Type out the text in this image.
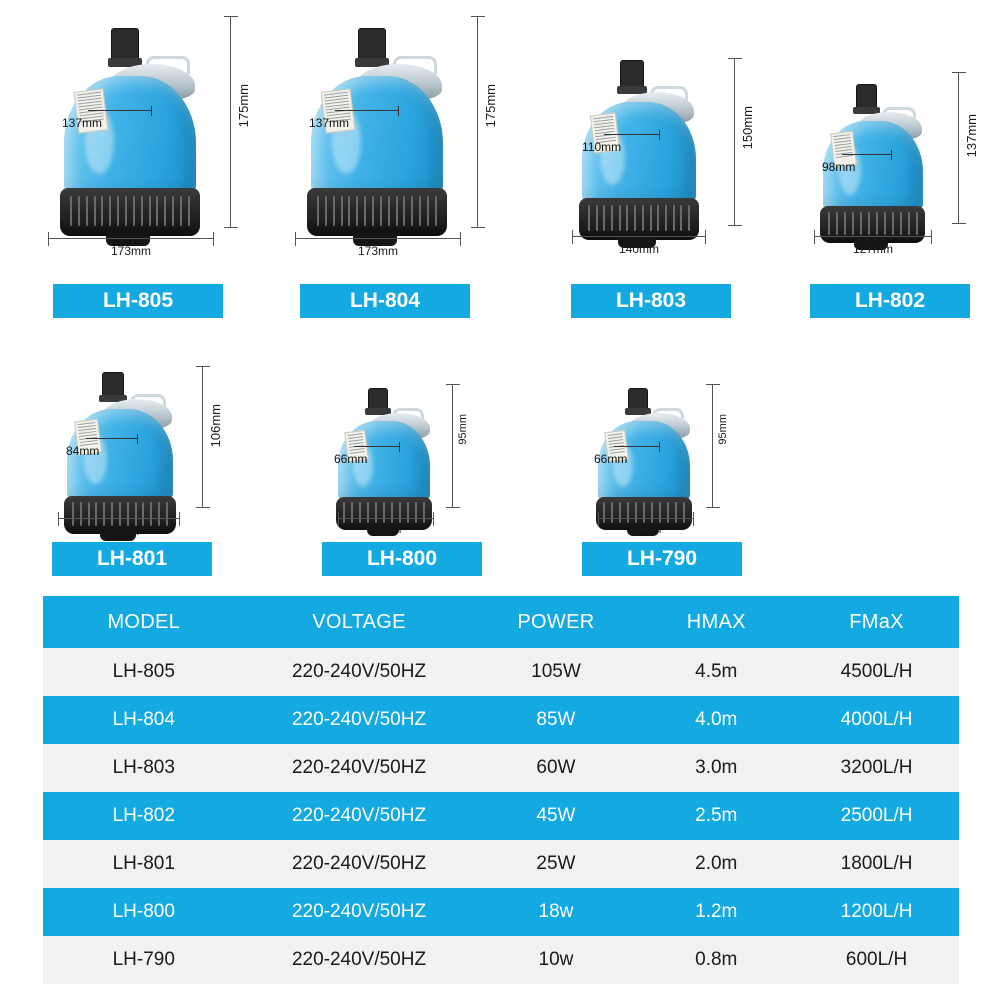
137mm	175mm
173mm
LH-805
137mm	175mm
173mm
LH-804
110mm	150mm
140mm
LH-803
98mm
137mm
127mm
LH-802
84mm
106mm
104mm
LH-801
66mm
95mm
84mm
LH-800
66mm
95mm
84mm
LH-790
MODEL	VOLTAGE	POWER	HMAX	FMaX
LH-805	220-240V/50HZ	105W	4.5m	4500L/H
LH-804	220-240V/50HZ	85W	4.0m	4000L/H
LH-803	220-240V/50HZ	60W	3.0m	3200L/H
LH-802	220-240V/50HZ	45W	2.5m	2500L/H
LH-801	220-240V/50HZ	25W	2.0m	1800L/H
LH-800	220-240V/50HZ	18w	1.2m	1200L/H
LH-790	220-240V/50HZ	10w	0.8m	600L/H
